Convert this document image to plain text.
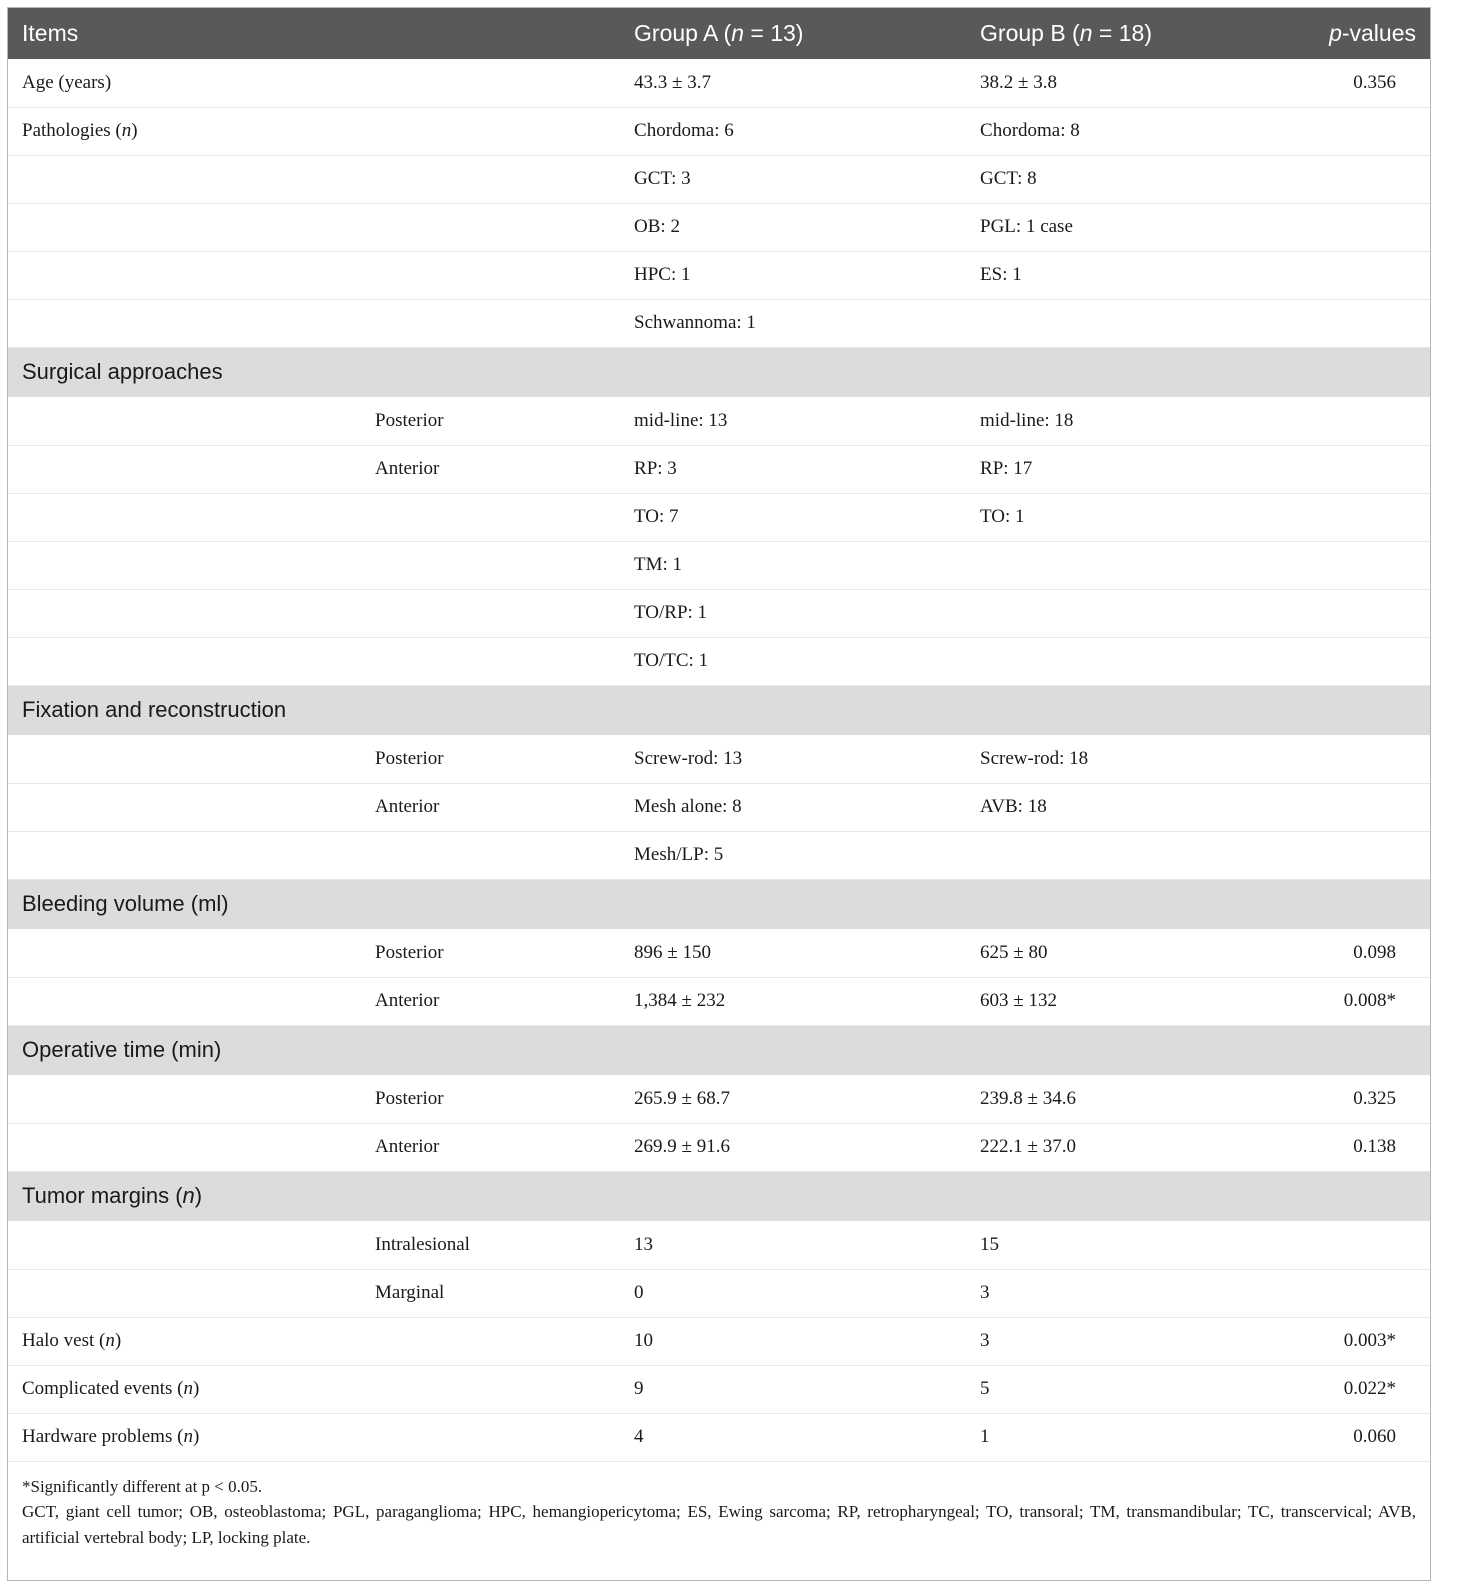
Items		Group A (n = 13)	Group B (n = 18)	p-values
Age (years)		43.3 ± 3.7	38.2 ± 3.8	0.356
Pathologies (n)		Chordoma: 6	Chordoma: 8	
		GCT: 3	GCT: 8	
		OB: 2	PGL: 1 case	
		HPC: 1	ES: 1	
		Schwannoma: 1		
Surgical approaches				
	Posterior	mid-line: 13	mid-line: 18	
	Anterior	RP: 3	RP: 17	
		TO: 7	TO: 1	
		TM: 1		
		TO/RP: 1		
		TO/TC: 1		
Fixation and reconstruction				
	Posterior	Screw-rod: 13	Screw-rod: 18	
	Anterior	Mesh alone: 8	AVB: 18	
		Mesh/LP: 5		
Bleeding volume (ml)				
	Posterior	896 ± 150	625 ± 80	0.098
	Anterior	1,384 ± 232	603 ± 132	0.008*
Operative time (min)				
	Posterior	265.9 ± 68.7	239.8 ± 34.6	0.325
	Anterior	269.9 ± 91.6	222.1 ± 37.0	0.138
Tumor margins (n)				
	Intralesional	13	15	
	Marginal	0	3	
Halo vest (n)		10	3	0.003*
Complicated events (n)		9	5	0.022*
Hardware problems (n)		4	1	0.060

*Significantly different at p < 0.05.

GCT, giant cell tumor; OB, osteoblastoma; PGL, paraganglioma; HPC, hemangiopericytoma; ES, Ewing sarcoma; RP, retropharyngeal; TO, transoral; TM, transmandibular; TC, transcervical; AVB, artificial vertebral body; LP, locking plate.
